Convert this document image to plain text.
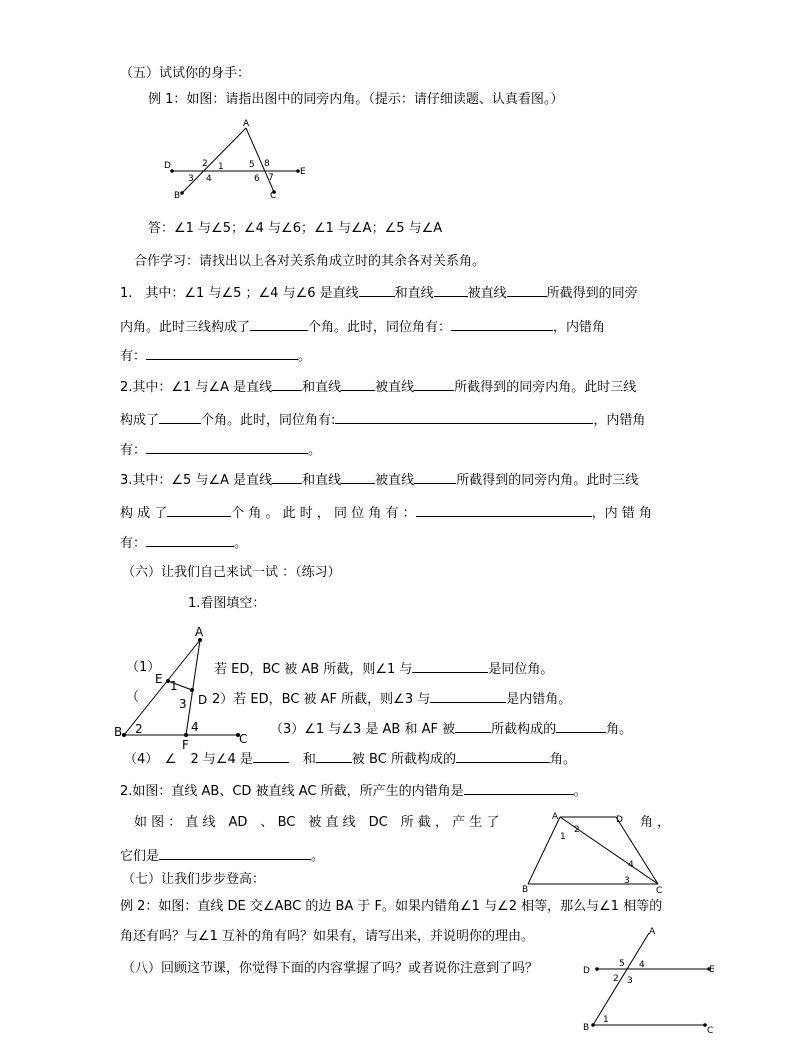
（五）试试你的身手：
例 1：如图：请指出图中的同旁内角。（提示：请仔细读题、认真看图。）
A
D
E
B	C
2 1
3 4
5 8
6 7
答：∠1 与∠5；∠4 与∠6；∠1 与∠A；∠5 与∠A
合作学习：请找出以上各对关系角成立时的其余各对关系角。
1.　其中：∠1 与∠5 ；∠4 与∠6 是直线	和直线	被直线	所截得到的同旁
内角。此时三线构成了	个角。此时，同位角有：	，内错角
有：	。
2.其中：∠1 与∠A 是直线 和直线	被直线	所截得到的同旁内角。此时三线
构成了	个角。此时，同位角有:	，内错角
有：	。
3.其中：∠5 与∠A 是直线 和直线	被直线	所截得到的同旁内角。此时三线
构 成 了	个 角 。 此 时 ， 同 位 角 有 ：	，内 错 角
有：	。
（六）让我们自己来试一试 ：（练习）
1.看图填空：
A
E
D
B
F	C
1
2
3
4
（1）	若 ED，BC 被 AB 所截，则∠1 与	是同位角。
（	2）若 ED，BC 被 AF 所截，则∠3 与	是内错角。
（3）∠1 与∠3 是 AB 和 AF 被	所截构成的	角。
（4）　∠ 2 与∠4 是	和	被 BC 所截构成的	角。
2.如图：直线 AB、CD 被直线 AC 所截，所产生的内错角是	。
如 图 ： 直 线　AD　、 BC　被 直 线　DC　所 截 ， 产 生 了	角 ，
它们是	。
A	D
B	C
1
2
3
4
（七）让我们步步登高：
例 2：如图：直线 DE 交∠ABC 的边 BA 于 F。如果内错角∠1 与∠2 相等，那么与∠1 相等的
角还有吗？与∠1 互补的角有吗？如果有，请写出来，并说明你的理由。	A
D	E
B	C
1
2 3
4
5
（八）回顾这节课，你觉得下面的内容掌握了吗？或者说你注意到了吗？
